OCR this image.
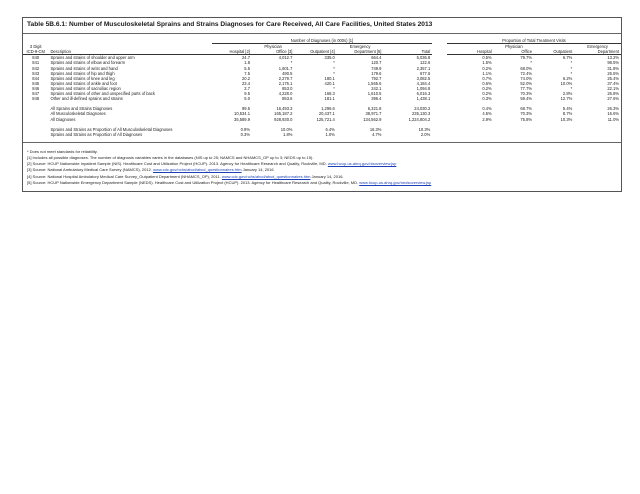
Table 5B.6.1: Number of Musculoskeletal Sprains and Strains Diagnoses for Care Received, All Care Facilities, United States 2013
		Number of Diagnoses (in 000s) [1]						Proportion of Total Treatment Visits			
3 Digit			Physician		Emergency				Physician		Emergency
ICD-9-CM	Description	Hospital [2]	Office [3]	Outpatient [4]	Department [5]	Total		Hospital	Office	Outpatient	Department
840	Sprains and strains of shoulder and upper arm	24.7	4,012.7	335.0	664.4	5,036.8		0.5%	79.7%	6.7%	13.2%
841	Sprains and strains of elbow and forearm	1.8	*	*	120.7	122.6		1.5%	*	*	98.5%
842	Sprains and strains of wrist and hand	5.5	1,601.7	*	749.9	2,357.1		0.2%	68.0%	*	31.8%
843	Sprains and strains of hip and thigh	7.5	490.5	*	179.6	677.6		1.1%	72.4%	*	26.5%
844	Sprains and strains of knee and leg	20.2	2,279.7	180.1	792.7	3,082.5		0.7%	74.0%	6.2%	25.4%
845	Sprains and strains of ankle and foot	23.4	2,175.1	420.1	1,565.6	4,184.4		0.6%	52.0%	10.0%	37.4%
846	Sprains and strains of sacroiliac region	2.7	853.0	*	242.1	1,094.8		0.2%	77.7%	*	22.1%
847	Sprains and strains of other and unspecified parts of back	9.5	4,228.0	168.3	1,610.5	6,016.3		0.2%	70.3%	2.8%	26.8%
848	Other and ill-defined sprains and strains	5.0	853.6	181.1	396.4	1,438.1		0.3%	59.4%	12.7%	27.6%

	All Sprains and Strains Diagnoses	99.5	16,493.3	1,296.6	6,321.8	24,030.2		0.4%	68.7%	5.4%	26.3%
	All Musculoskeletal Diagnoses	10,534.1	165,187.2	20,437.1	38,971.7	235,130.3		4.5%	70.3%	8.7%	16.6%
	All Diagnoses	35,589.9	928,930.0	125,721.4	134,562.9	1,224,804.2		2.9%	75.8%	10.3%	11.0%

	Sprains and Strains as Proportion of All Musculoskeletal Diagnoses	0.9%	10.0%	6.4%	16.3%	10.3%					
	Sprains and Strains as Proportion of All Diagnoses	0.3%	1.8%	1.0%	4.7%	2.0%					

* Does not meet standards for reliability.
[1] Includes all possible diagnoses. The number of diagnosis variables varies in the databases (NIS up to 25; NAMCS and NHAMCS_OP up to 3; NEDS up to 15).
[2] Source: HCUP Nationwide Inpatient Sample (NIS). Healthcare Cost and Utilization Project (HCUP). 2013. Agency for Healthcare Research and Quality, Rockville, MD. www.hcup-us.ahrq.gov/nisoverview.jsp
[3] Source: National Ambulatory Medical Care Survey (NAMCS), 2012. www.cdc.gov/nchs/ahcd/ahcd_questionnaires.htm January 14, 2016
[4] Source: National Hospital Ambulatory Medical Care Survey_Outpatient Department (NHAMCS_OP), 2011. www.cdc.gov/nchs/ahcd/ahcd_questionnaires.htm January 14, 2016.
[5] Source: HCUP Nationwide Emergency Department Sample (NEDS). Healthcare Cost and Utilization Project (HCUP). 2013. Agency for Healthcare Research and Quality, Rockville, MD. www.hcup-us.ahrq.gov/nedsoverview.jsp
